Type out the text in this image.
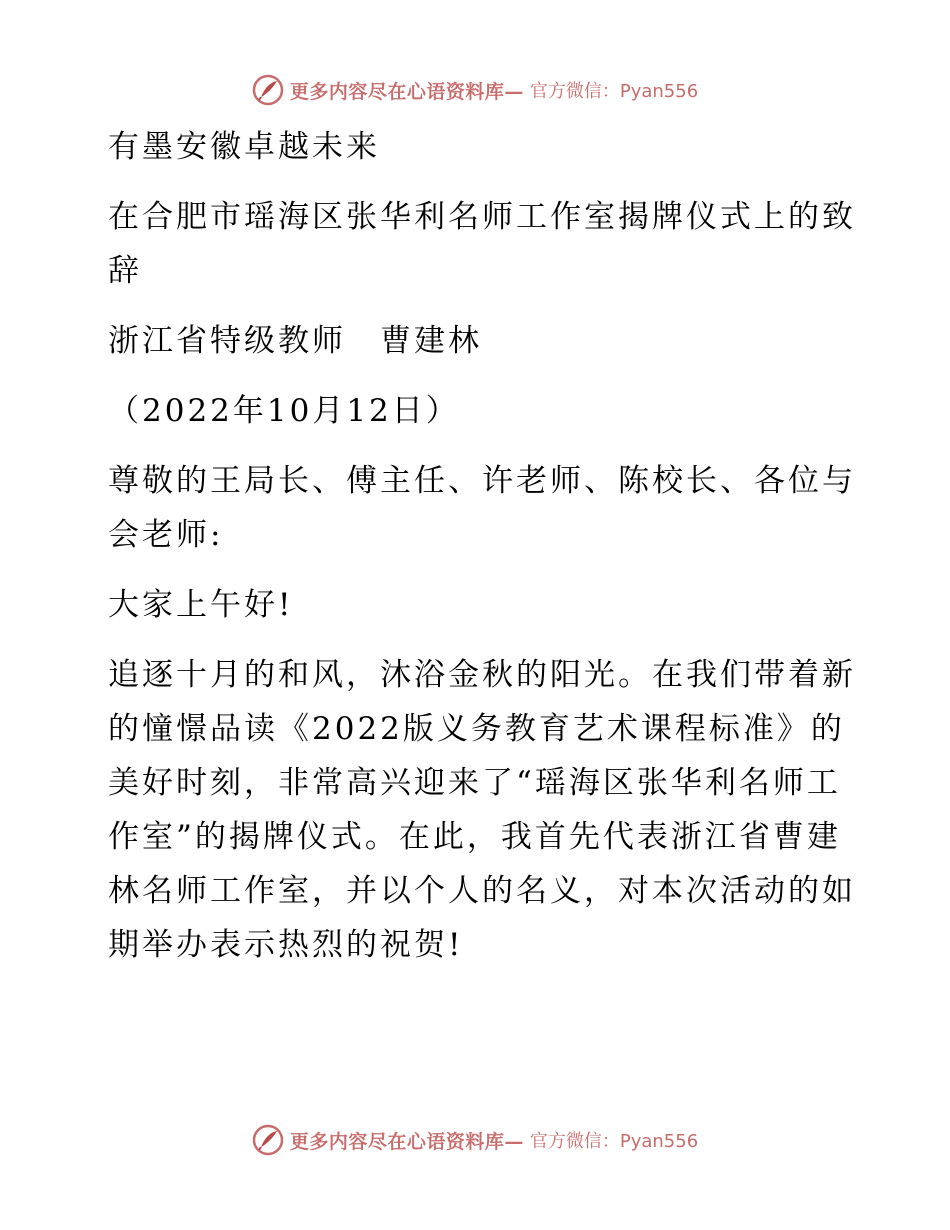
更多内容尽在心语资料库— 官方微信：Pyan556

有墨安徽卓越未来

在合肥市瑶海区张华利名师工作室揭牌仪式上的致辞

浙江省特级教师　曹建林

（2022年10月12日）

尊敬的王局长、傅主任、许老师、陈校长、各位与会老师:

大家上午好!

追逐十月的和风，沐浴金秋的阳光。在我们带着新的憧憬品读《2022版义务教育艺术课程标准》的美好时刻，非常高兴迎来了“瑶海区张华利名师工作室”的揭牌仪式。在此，我首先代表浙江省曹建林名师工作室，并以个人的名义，对本次活动的如期举办表示热烈的祝贺!

更多内容尽在心语资料库— 官方微信：Pyan556
